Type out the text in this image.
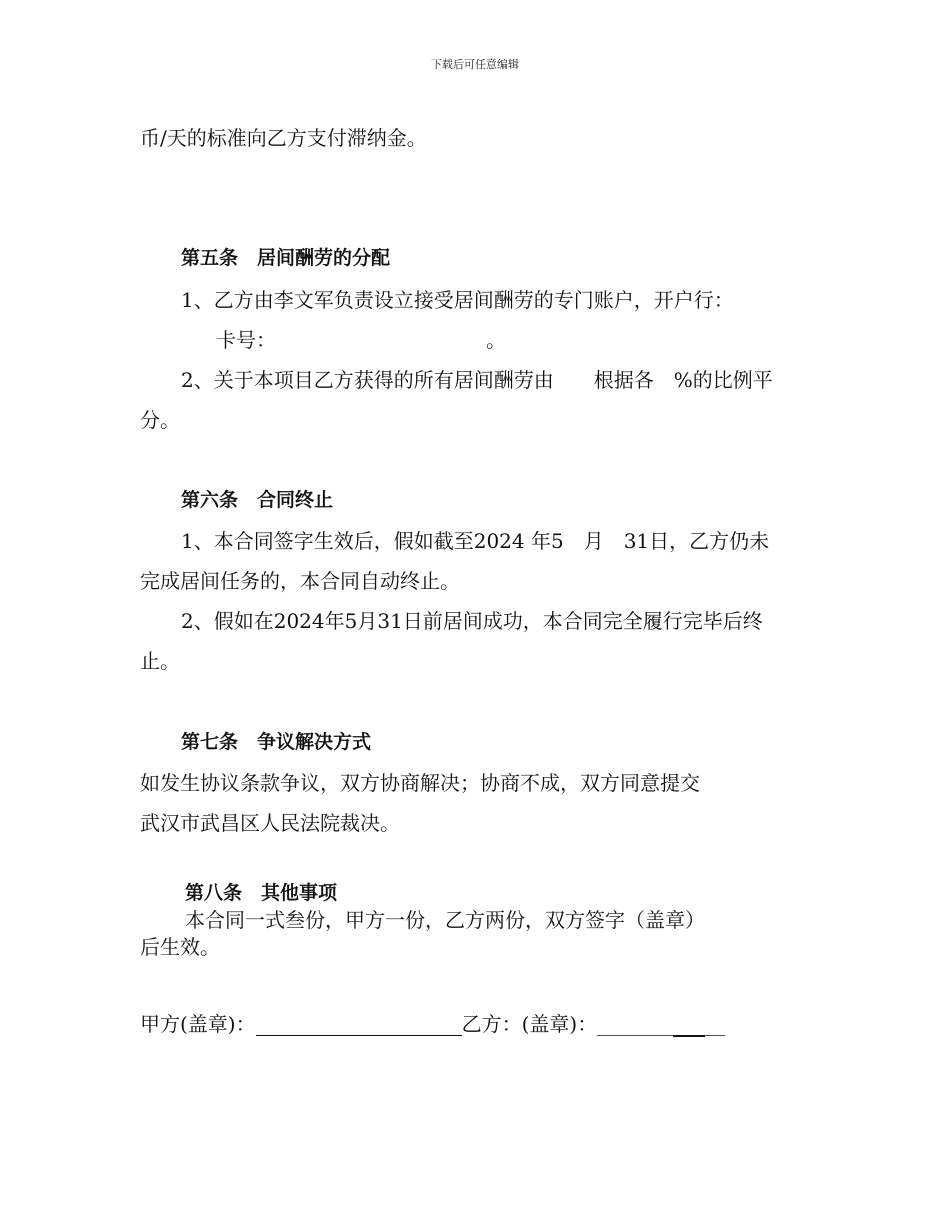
下载后可任意编辑
币/天的标准向乙方支付滞纳金。
第五条　居间酬劳的分配
1、乙方由李文军负责设立接受居间酬劳的专门账户，开户行：
卡号：　　　　　　　　　　　。
2、关于本项目乙方获得的所有居间酬劳由　　根据各　%的比例平
分。
第六条　合同终止
1、本合同签字生效后，假如截至2024 年5　月　31日，乙方仍未
完成居间任务的，本合同自动终止。
2、假如在2024年5月31日前居间成功，本合同完全履行完毕后终
止。
第七条　争议解决方式
如发生协议条款争议，双方协商解决；协商不成，双方同意提交
武汉市武昌区人民法院裁决。
第八条　其他事项
本合同一式叁份，甲方一份，乙方两份，双方签字（盖章）
后生效。
甲方(盖章)：	乙方：(盖章)：
